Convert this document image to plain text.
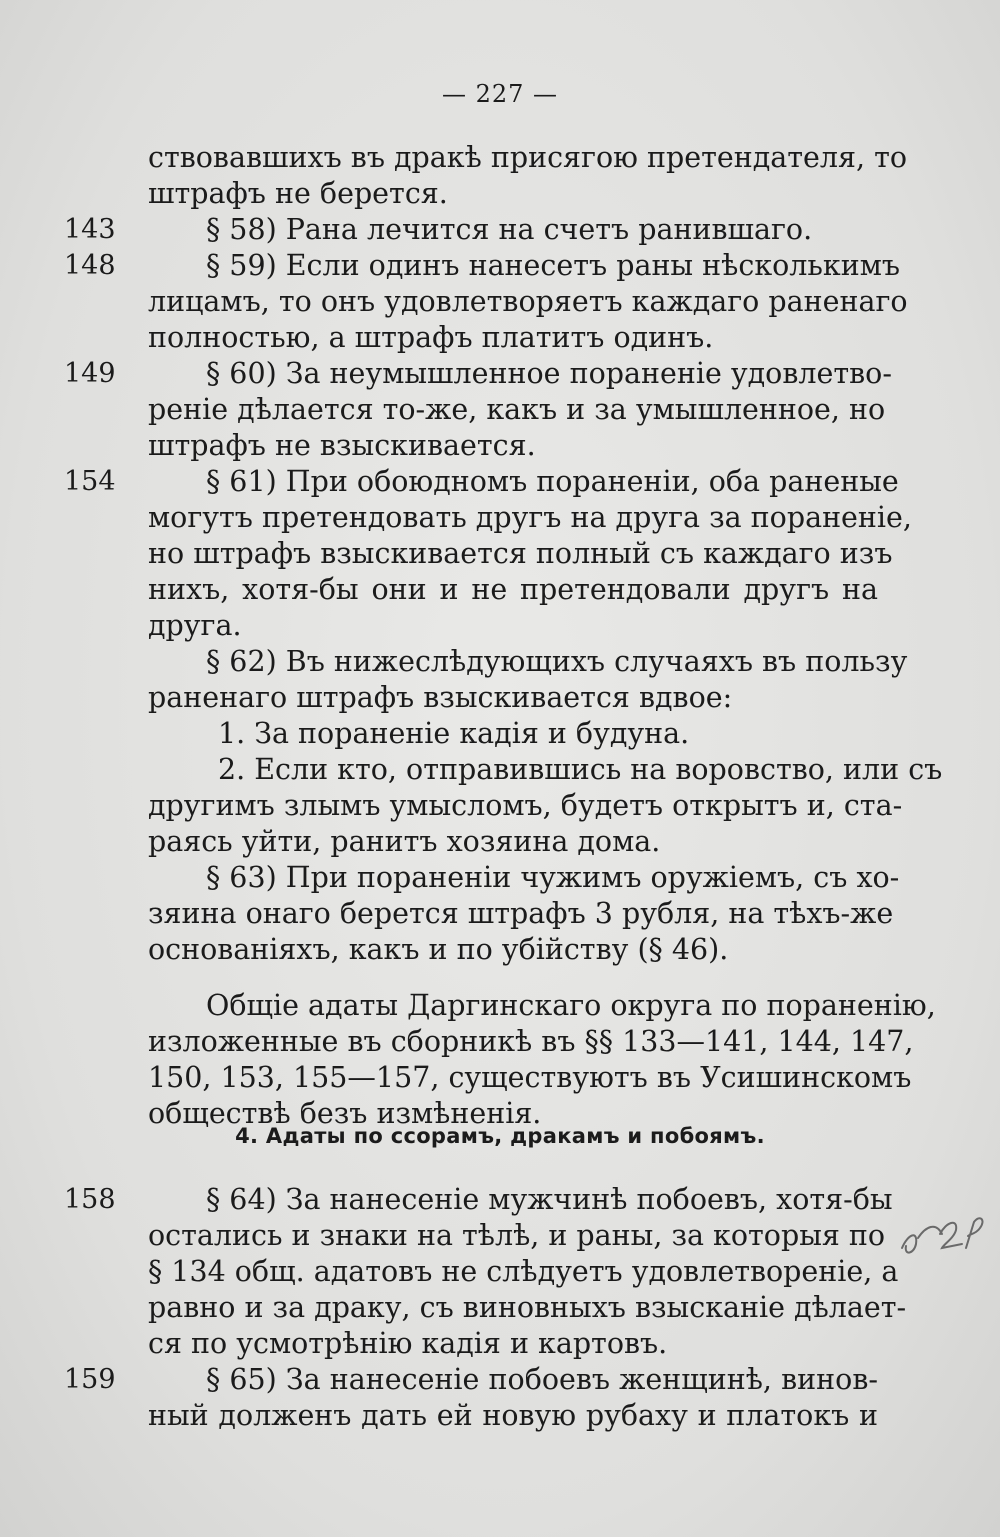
— 227 —
143
148
149
154
158
159
ствовавшихъ въ дракѣ присягою претендателя, то
штрафъ не берется.
§ 58) Рана лечится на счетъ ранившаго.
§ 59) Если одинъ нанесетъ раны нѣсколькимъ
лицамъ, то онъ удовлетворяетъ каждаго раненаго
полностью, а штрафъ платитъ одинъ.
§ 60) За неумышленное пораненіе удовлетво-
реніе дѣлается то-же, какъ и за умышленное, но
штрафъ не взыскивается.
§ 61) При обоюдномъ пораненіи, оба раненые
могутъ претендовать другъ на друга за пораненіе,
но штрафъ взыскивается полный съ каждаго изъ
нихъ, хотя-бы они и не претендовали другъ на
друга.
§ 62) Въ нижеслѣдующихъ случаяхъ въ пользу
раненаго штрафъ взыскивается вдвое:
1. За пораненіе кадія и будуна.
2. Если кто, отправившись на воровство, или съ
другимъ злымъ умысломъ, будетъ открытъ и, ста-
раясь уйти, ранитъ хозяина дома.
§ 63) При пораненіи чужимъ оружіемъ, съ хо-
зяина онаго берется штрафъ 3 рубля, на тѣхъ-же
основаніяхъ, какъ и по убійству (§ 46).
Общіе адаты Даргинскаго округа по пораненію,
изложенные въ сборникѣ въ §§ 133—141, 144, 147,
150, 153, 155—157, существуютъ въ Усишинскомъ
обществѣ безъ измѣненія.
4. Адаты по ссорамъ, дракамъ и побоямъ.
§ 64) За нанесеніе мужчинѣ побоевъ, хотя-бы
остались и знаки на тѣлѣ, и раны, за которыя по
§ 134 общ. адатовъ не слѣдуетъ удовлетвореніе, а
равно и за драку, съ виновныхъ взысканіе дѣлает-
ся по усмотрѣнію кадія и картовъ.
§ 65) За нанесеніе побоевъ женщинѣ, винов-
ный долженъ дать ей новую рубаху и платокъ и
